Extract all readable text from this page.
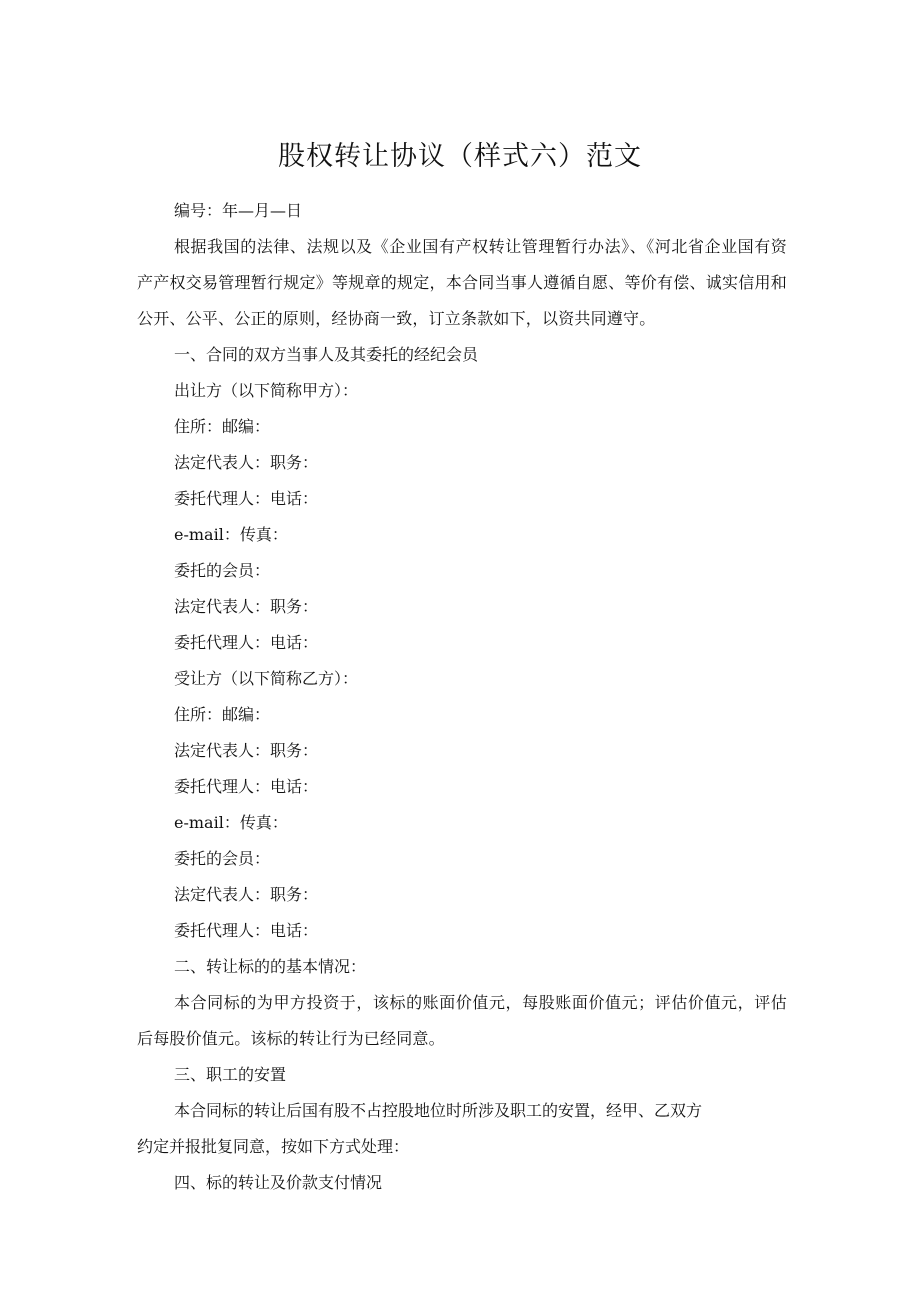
股权转让协议（样式六）范文

编号：年—月—日

根据我国的法律、法规以及《企业国有产权转让管理暂行办法》、《河北省企业国有资产产权交易管理暂行规定》等规章的规定，本合同当事人遵循自愿、等价有偿、诚实信用和公开、公平、公正的原则，经协商一致，订立条款如下，以资共同遵守。

一、合同的双方当事人及其委托的经纪会员

出让方（以下简称甲方）：

住所：邮编：

法定代表人：职务：

委托代理人：电话：

e-mail：传真：

委托的会员：

法定代表人：职务：

委托代理人：电话：

受让方（以下简称乙方）：

住所：邮编：

法定代表人：职务：

委托代理人：电话：

e-mail：传真：

委托的会员：

法定代表人：职务：

委托代理人：电话：

二、转让标的的基本情况：

本合同标的为甲方投资于，该标的账面价值元，每股账面价值元；评估价值元，评估后每股价值元。该标的转让行为已经同意。

三、职工的安置

本合同标的转让后国有股不占控股地位时所涉及职工的安置，经甲、乙双方

约定并报批复同意，按如下方式处理：

四、标的转让及价款支付情况
